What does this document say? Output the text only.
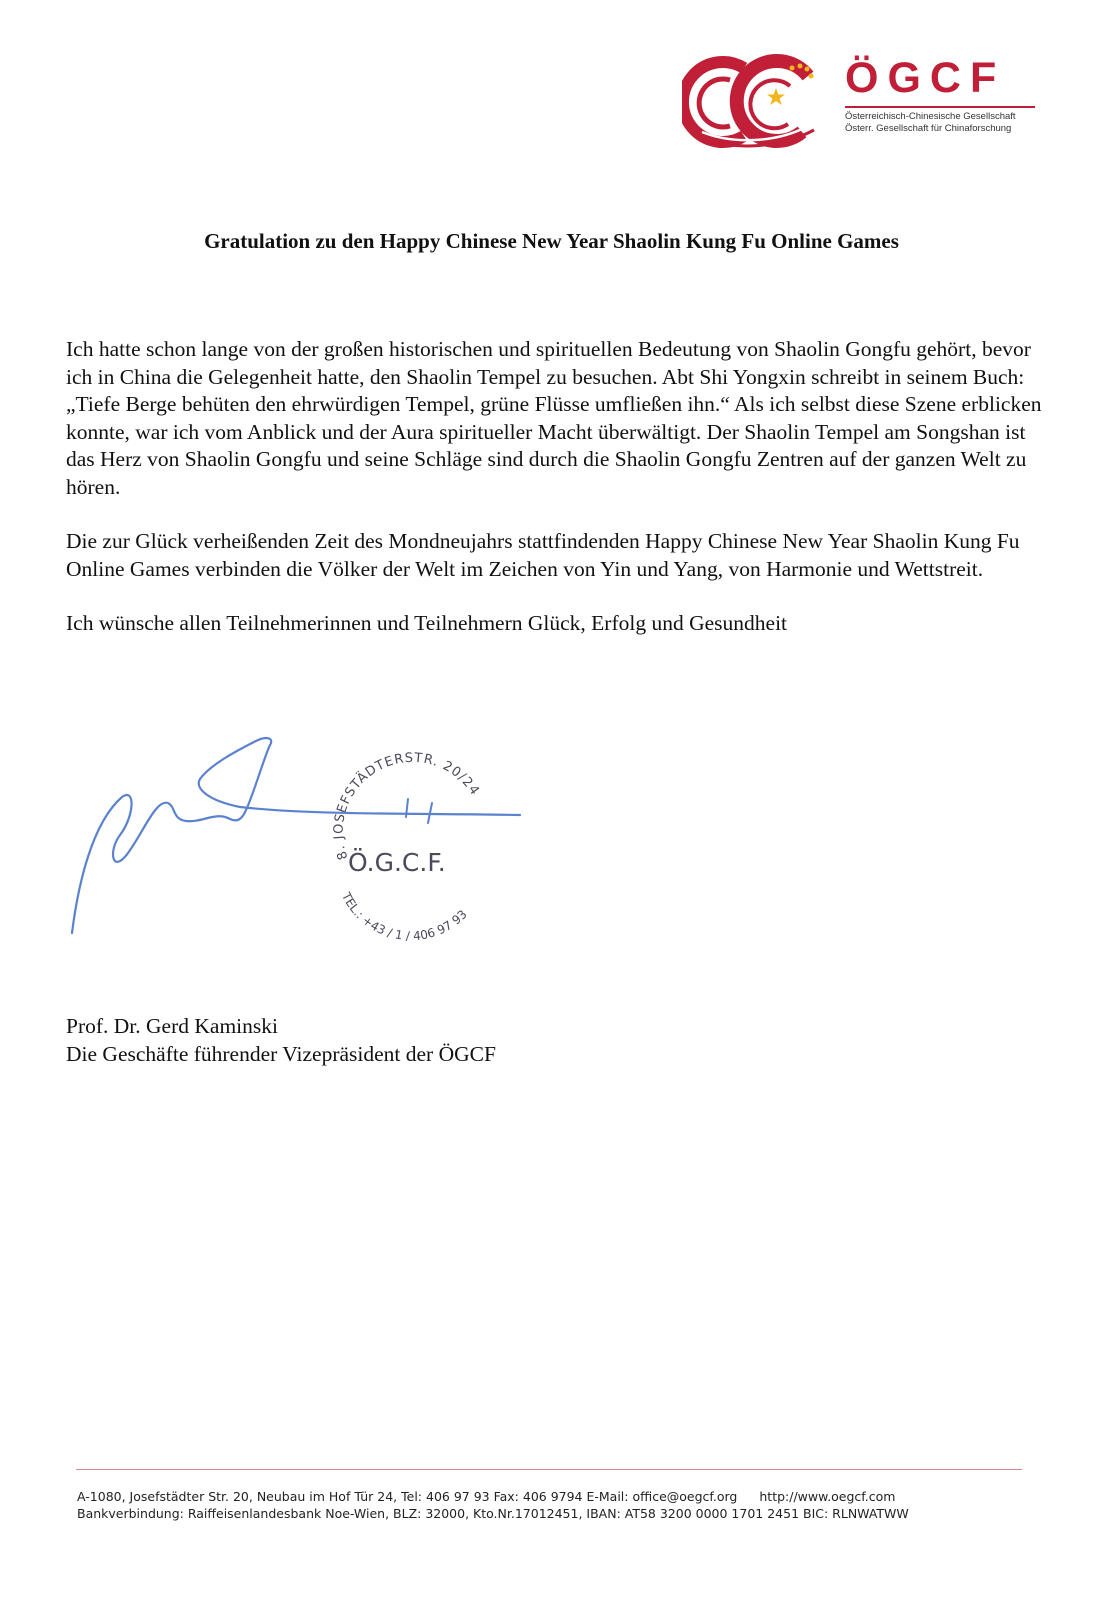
ÖGCF
Österreichisch-Chinesische Gesellschaft
Österr. Gesellschaft für Chinaforschung
Gratulation zu den Happy Chinese New Year Shaolin Kung Fu Online Games

Ich hatte schon lange von der großen historischen und spirituellen Bedeutung von Shaolin Gongfu gehört, bevor ich in China die Gelegenheit hatte, den Shaolin Tempel zu besuchen. Abt Shi Yongxin schreibt in seinem Buch: „Tiefe Berge behüten den ehrwürdigen Tempel, grüne Flüsse umfließen ihn.“ Als ich selbst diese Szene erblicken konnte, war ich vom Anblick und der Aura spiritueller Macht überwältigt. Der Shaolin Tempel am Songshan ist das Herz von Shaolin Gongfu und seine Schläge sind durch die Shaolin Gongfu Zentren auf der ganzen Welt zu hören.

Die zur Glück verheißenden Zeit des Mondneujahrs stattfindenden Happy Chinese New Year Shaolin Kung Fu Online Games verbinden die Völker der Welt im Zeichen von Yin und Yang, von Harmonie und Wettstreit.

Ich wünsche allen Teilnehmerinnen und Teilnehmern Glück, Erfolg und Gesundheit

8. JOSEFSTÄDTERSTR. 20/24
Ö.G.C.F.
TEL.: +43 / 1 / 406 97 93
Prof. Dr. Gerd Kaminski
Die Geschäfte führender Vizepräsident der ÖGCF
A-1080, Josefstädter Str. 20, Neubau im Hof Tür 24, Tel: 406 97 93 Fax: 406 9794 E-Mail: office@oegcf.org http://www.oegcf.com
Bankverbindung: Raiffeisenlandesbank Noe-Wien, BLZ: 32000, Kto.Nr.17012451, IBAN: AT58 3200 0000 1701 2451 BIC: RLNWATWW
